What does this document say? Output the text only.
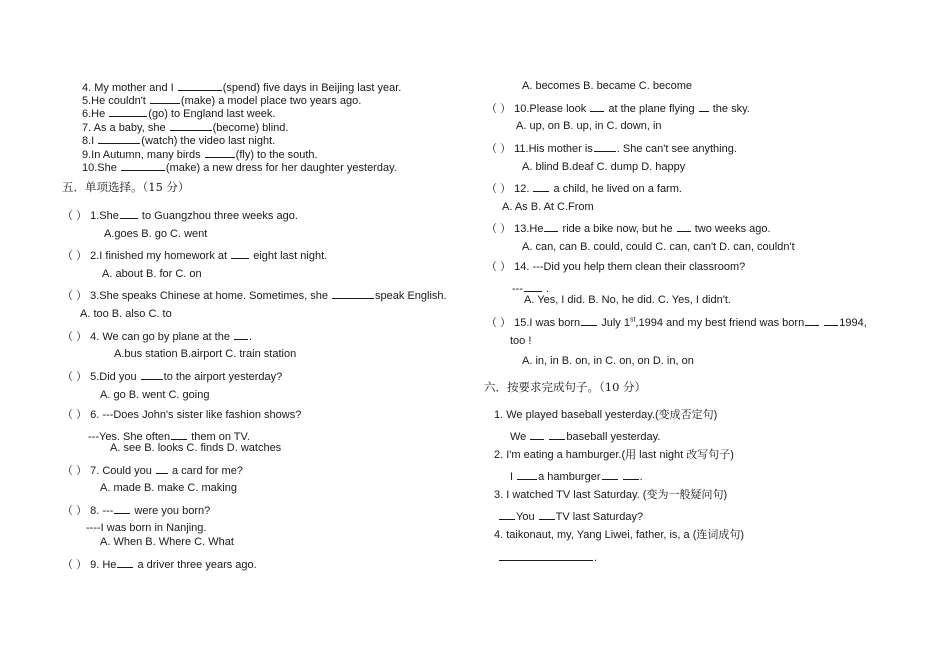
4. My mother and I	(spend) five days in Beijing last year.
5.He couldn't	(make) a model place two years ago.
6.He	(go) to England last week.
7. As a baby, she	(become) blind.
8.I	(watch) the video last night.
9.In Autumn, many birds	(fly) to the south.
10.She	(make) a new dress for her daughter yesterday.
五．单项选择。（15 分）
（ ） 1.She to Guangzhou three weeks ago.
A.goes B. go C. went
（ ） 2.I finished my homework at  eight last night.
A. about B. for C. on
（ ） 3.She speaks Chinese at home. Sometimes, she	speak English.
A. too B. also C. to
（ ） 4. We can go by plane at the .
A.bus station B.airport C. train station
（ ） 5.Did you to the airport yesterday?
A. go B. went C. going
（ ） 6. ---Does John's sister like fashion shows?
---Yes. She often them on TV.
A. see B. looks C. finds D. watches
（ ） 7. Could you  a card for me?
A. made B. make C. making
（ ） 8. --- were you born?
----I was born in Nanjing.
A. When B. Where C. What
（ ） 9. He a driver three years ago.
A. becomes B. became C. become
（ ） 10.Please look  at the plane flying  the sky.
A. up, on B. up, in C. down, in
（ ） 11.His mother is . She can't see anything.
A. blind B.deaf C. dump D. happy
（ ） 12.  a child, he lived on a farm.
A. As B. At C.From
（ ） 13.He ride a bike now, but he  two weeks ago.
A. can, can B. could, could C. can, can't D. can, couldn't
（ ） 14. ---Did you help them clean their classroom?
--- .
A. Yes, I did. B. No, he did. C. Yes, I didn't.
（ ） 15.I was born July 1st,1994 and my best friend was born	1994,
too !
A. in, in B. on, in C. on, on D. in, on
六．按要求完成句子。（10 分）
1. We played baseball yesterday.(变成否定句)
We	baseball yesterday.
2. I'm eating a hamburger.(用 last night 改写句子)
I a hamburger	.
3. I watched TV last Saturday. (变为一般疑问句)
You TV last Saturday?
4. taikonaut, my, Yang Liwei, father, is, a (连词成句)
.
